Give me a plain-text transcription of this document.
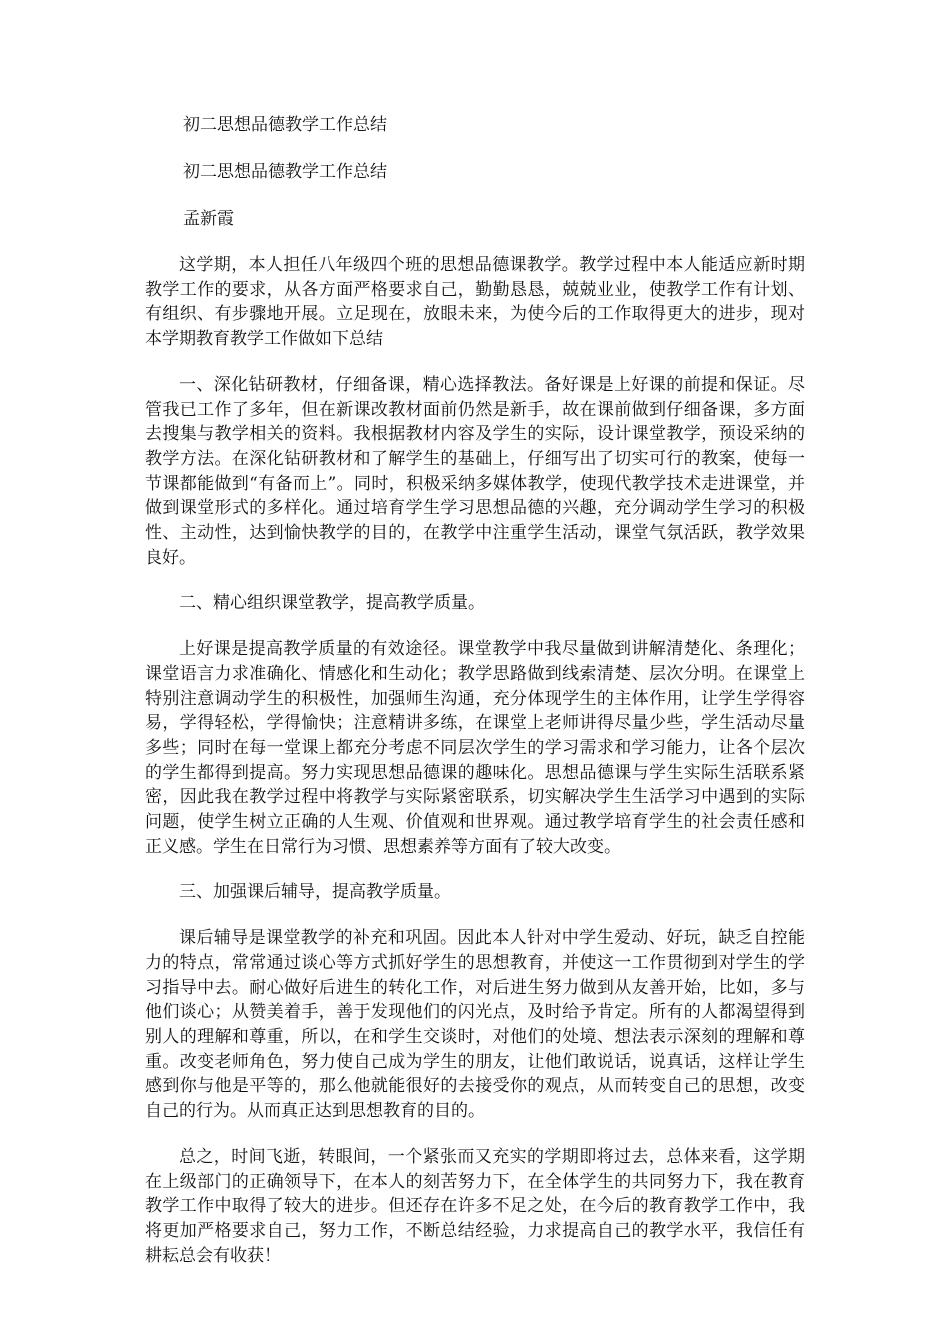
初二思想品德教学工作总结
初二思想品德教学工作总结
孟新霞

这学期，本人担任八年级四个班的思想品德课教学。教学过程中本人能适应新时期教学工作的要求，从各方面严格要求自己，勤勤恳恳，兢兢业业，使教学工作有计划、有组织、有步骤地开展。立足现在，放眼未来，为使今后的工作取得更大的进步，现对本学期教育教学工作做如下总结

一、深化钻研教材，仔细备课，精心选择教法。备好课是上好课的前提和保证。尽管我已工作了多年，但在新课改教材面前仍然是新手，故在课前做到仔细备课，多方面去搜集与教学相关的资料。我根据教材内容及学生的实际，设计课堂教学，预设采纳的教学方法。在深化钻研教材和了解学生的基础上，仔细写出了切实可行的教案，使每一节课都能做到“有备而上”。同时，积极采纳多媒体教学，使现代教学技术走进课堂，并做到课堂形式的多样化。通过培育学生学习思想品德的兴趣，充分调动学生学习的积极性、主动性，达到愉快教学的目的，在教学中注重学生活动，课堂气氛活跃，教学效果良好。

二、精心组织课堂教学，提高教学质量。

上好课是提高教学质量的有效途径。课堂教学中我尽量做到讲解清楚化、条理化；课堂语言力求准确化、情感化和生动化；教学思路做到线索清楚、层次分明。在课堂上特别注意调动学生的积极性，加强师生沟通，充分体现学生的主体作用，让学生学得容易，学得轻松，学得愉快；注意精讲多练，在课堂上老师讲得尽量少些，学生活动尽量多些；同时在每一堂课上都充分考虑不同层次学生的学习需求和学习能力，让各个层次的学生都得到提高。努力实现思想品德课的趣味化。思想品德课与学生实际生活联系紧密，因此我在教学过程中将教学与实际紧密联系，切实解决学生生活学习中遇到的实际问题，使学生树立正确的人生观、价值观和世界观。通过教学培育学生的社会责任感和正义感。学生在日常行为习惯、思想素养等方面有了较大改变。

三、加强课后辅导，提高教学质量。

课后辅导是课堂教学的补充和巩固。因此本人针对中学生爱动、好玩，缺乏自控能力的特点，常常通过谈心等方式抓好学生的思想教育，并使这一工作贯彻到对学生的学习指导中去。耐心做好后进生的转化工作，对后进生努力做到从友善开始，比如，多与他们谈心；从赞美着手，善于发现他们的闪光点，及时给予肯定。所有的人都渴望得到别人的理解和尊重，所以，在和学生交谈时，对他们的处境、想法表示深刻的理解和尊重。改变老师角色，努力使自己成为学生的朋友，让他们敢说话，说真话，这样让学生感到你与他是平等的，那么他就能很好的去接受你的观点，从而转变自己的思想，改变自己的行为。从而真正达到思想教育的目的。

总之，时间飞逝，转眼间，一个紧张而又充实的学期即将过去，总体来看，这学期在上级部门的正确领导下，在本人的刻苦努力下，在全体学生的共同努力下，我在教育教学工作中取得了较大的进步。但还存在许多不足之处，在今后的教育教学工作中，我将更加严格要求自己，努力工作，不断总结经验，力求提高自己的教学水平，我信任有耕耘总会有收获！
